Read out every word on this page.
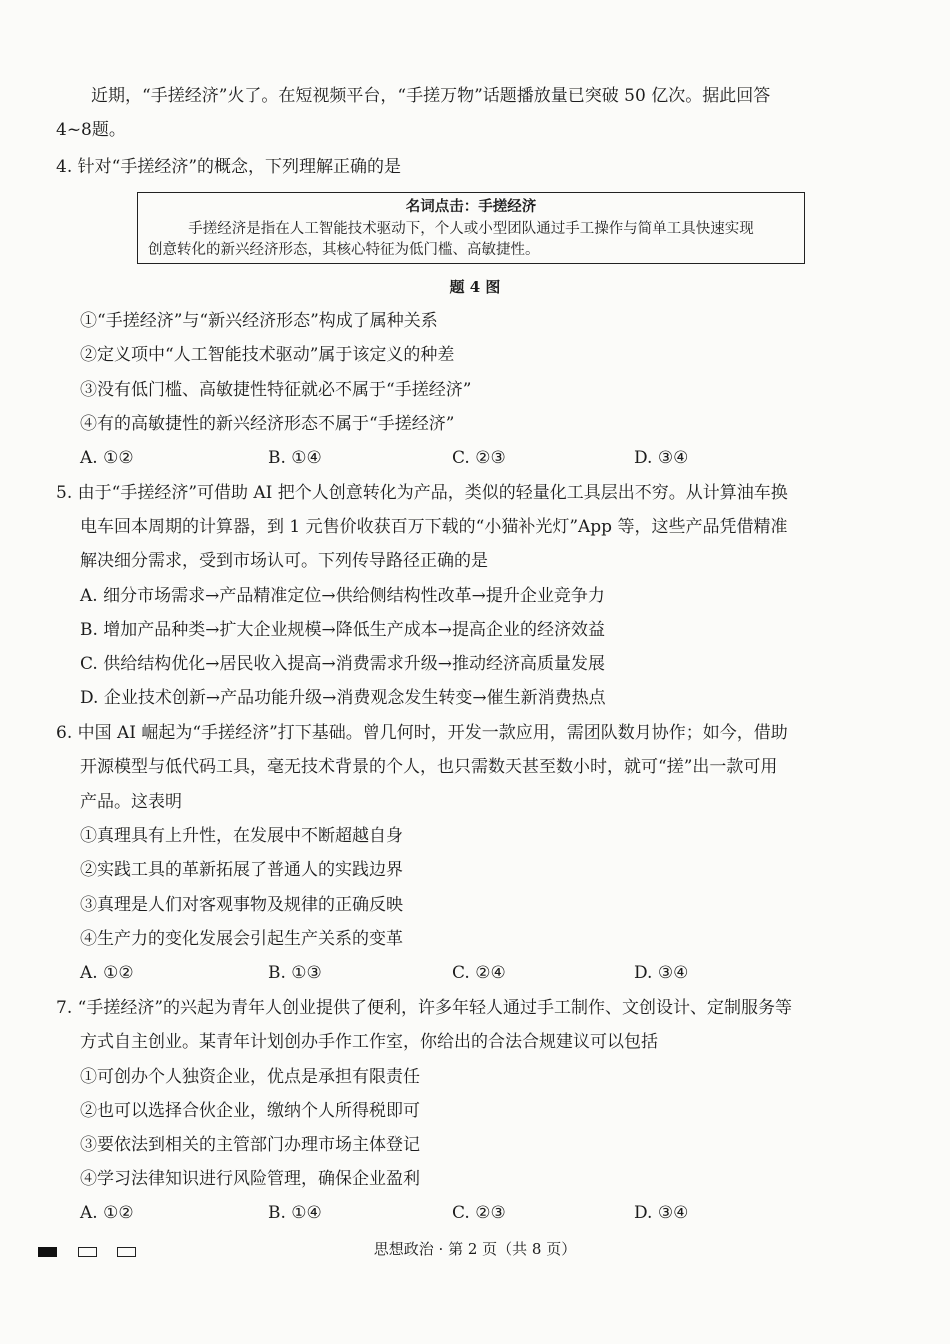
近期，“手搓经济”火了。在短视频平台，“手搓万物”话题播放量已突破 50 亿次。据此回答
4~8题。
4. 针对“手搓经济”的概念，下列理解正确的是
名词点击：手搓经济
手搓经济是指在人工智能技术驱动下，个人或小型团队通过手工操作与简单工具快速实现
创意转化的新兴经济形态，其核心特征为低门槛、高敏捷性。
题 4 图
①“手搓经济”与“新兴经济形态”构成了属种关系
②定义项中“人工智能技术驱动”属于该定义的种差
③没有低门槛、高敏捷性特征就必不属于“手搓经济”
④有的高敏捷性的新兴经济形态不属于“手搓经济”
A. ①②	B. ①④	C. ②③	D. ③④
5. 由于“手搓经济”可借助 AI 把个人创意转化为产品，类似的轻量化工具层出不穷。从计算油车换
电车回本周期的计算器，到 1 元售价收获百万下载的“小猫补光灯”App 等，这些产品凭借精准
解决细分需求，受到市场认可。下列传导路径正确的是
A. 细分市场需求→产品精准定位→供给侧结构性改革→提升企业竞争力
B. 增加产品种类→扩大企业规模→降低生产成本→提高企业的经济效益
C. 供给结构优化→居民收入提高→消费需求升级→推动经济高质量发展
D. 企业技术创新→产品功能升级→消费观念发生转变→催生新消费热点
6. 中国 AI 崛起为“手搓经济”打下基础。曾几何时，开发一款应用，需团队数月协作；如今，借助
开源模型与低代码工具，毫无技术背景的个人，也只需数天甚至数小时，就可“搓”出一款可用
产品。这表明
①真理具有上升性，在发展中不断超越自身
②实践工具的革新拓展了普通人的实践边界
③真理是人们对客观事物及规律的正确反映
④生产力的变化发展会引起生产关系的变革
A. ①②	B. ①③	C. ②④	D. ③④
7. “手搓经济”的兴起为青年人创业提供了便利，许多年轻人通过手工制作、文创设计、定制服务等
方式自主创业。某青年计划创办手作工作室，你给出的合法合规建议可以包括
①可创办个人独资企业，优点是承担有限责任
②也可以选择合伙企业，缴纳个人所得税即可
③要依法到相关的主管部门办理市场主体登记
④学习法律知识进行风险管理，确保企业盈利
A. ①②	B. ①④	C. ②③	D. ③④
思想政治 · 第 2 页（共 8 页）
